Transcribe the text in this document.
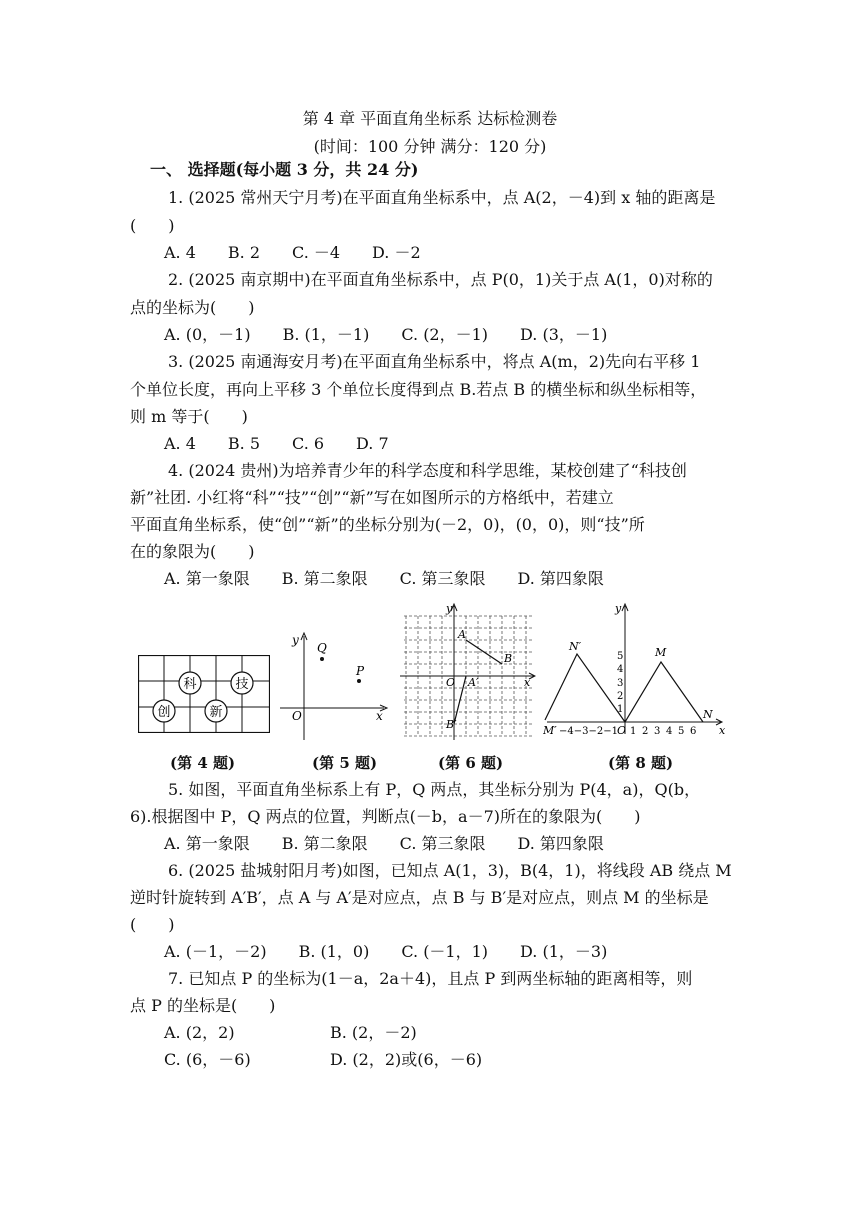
第 4 章 平面直角坐标系 达标检测卷
(时间：100 分钟 满分：120 分)
一、 选择题(每小题 3 分，共 24 分)
1. (2025 常州天宁月考)在平面直角坐标系中，点 A(2，－4)到 x 轴的距离是
(　　)
A. 4　　B. 2　　C. －4　　D. －2
2. (2025 南京期中)在平面直角坐标系中，点 P(0，1)关于点 A(1，0)对称的
点的坐标为(　　)
A. (0，－1)　　B. (1，－1)　　C. (2，－1)　　D. (3，－1)
3. (2025 南通海安月考)在平面直角坐标系中，将点 A(m，2)先向右平移 1
个单位长度，再向上平移 3 个单位长度得到点 B.若点 B 的横坐标和纵坐标相等，
则 m 等于(　　)
A. 4　　B. 5　　C. 6　　D. 7
4. (2024 贵州)为培养青少年的科学态度和科学思维，某校创建了“科技创
新”社团. 小红将“科”“技”“创”“新”写在如图所示的方格纸中，若建立
平面直角坐标系，使“创”“新”的坐标分别为(－2，0)，(0，0)，则“技”所
在的象限为(　　)
A. 第一象限　　B. 第二象限　　C. 第三象限　　D. 第四象限
科	技
创	新
y
x
O
Q
P
y
x
O
A
B
A′
B′
y
x
N′	M
N
M′ −4−3−2−1 O 1 2 3 4 5 6
1
2
3
4
5
(第 4 题)	(第 5 题)	(第 6 题)	(第 8 题)
5. 如图，平面直角坐标系上有 P，Q 两点，其坐标分别为 P(4，a)，Q(b，
6).根据图中 P，Q 两点的位置，判断点(－b，a－7)所在的象限为(　　)
A. 第一象限　　B. 第二象限　　C. 第三象限　　D. 第四象限
6. (2025 盐城射阳月考)如图，已知点 A(1，3)，B(4，1)，将线段 AB 绕点 M
逆时针旋转到 A′B′，点 A 与 A′是对应点，点 B 与 B′是对应点，则点 M 的坐标是
(　　)
A. (－1，－2)　　B. (1，0)　　C. (－1，1)　　D. (1，－3)
7. 已知点 P 的坐标为(1－a，2a＋4)，且点 P 到两坐标轴的距离相等，则
点 P 的坐标是(　　)
A. (2，2)	B. (2，－2)
C. (6，－6)	D. (2，2)或(6，－6)
